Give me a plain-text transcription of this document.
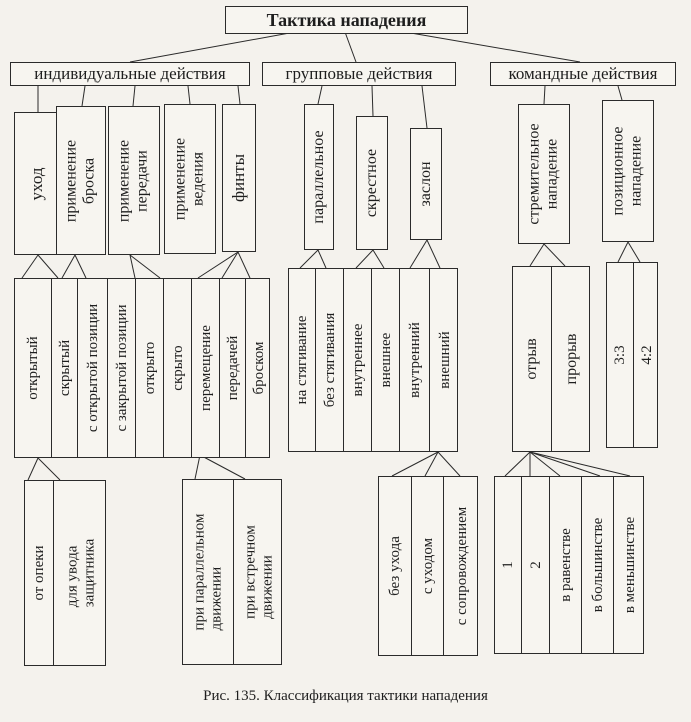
Тактика нападения
индивидуальные действия	групповые действия	командные действия
уход применение
броска применение
передачи применение
ведения финты
открытый скрытый с открытой позиции с закрытой позиции открыто скрыто перемещение передачей броском
от опеки для увода
защитника	при параллельном
движении при встречном
движении
параллельное скрестное заслон
на стягивание без стягивания внутреннее внешнее внутренний внешний
без ухода с уходом с сопровождением
стремительное
нападение	позиционное
нападение
отрыв прорыв 3:3 4:2
1 2 в равенстве в большинстве в меньшинстве
Рис. 135. Классификация тактики нападения
